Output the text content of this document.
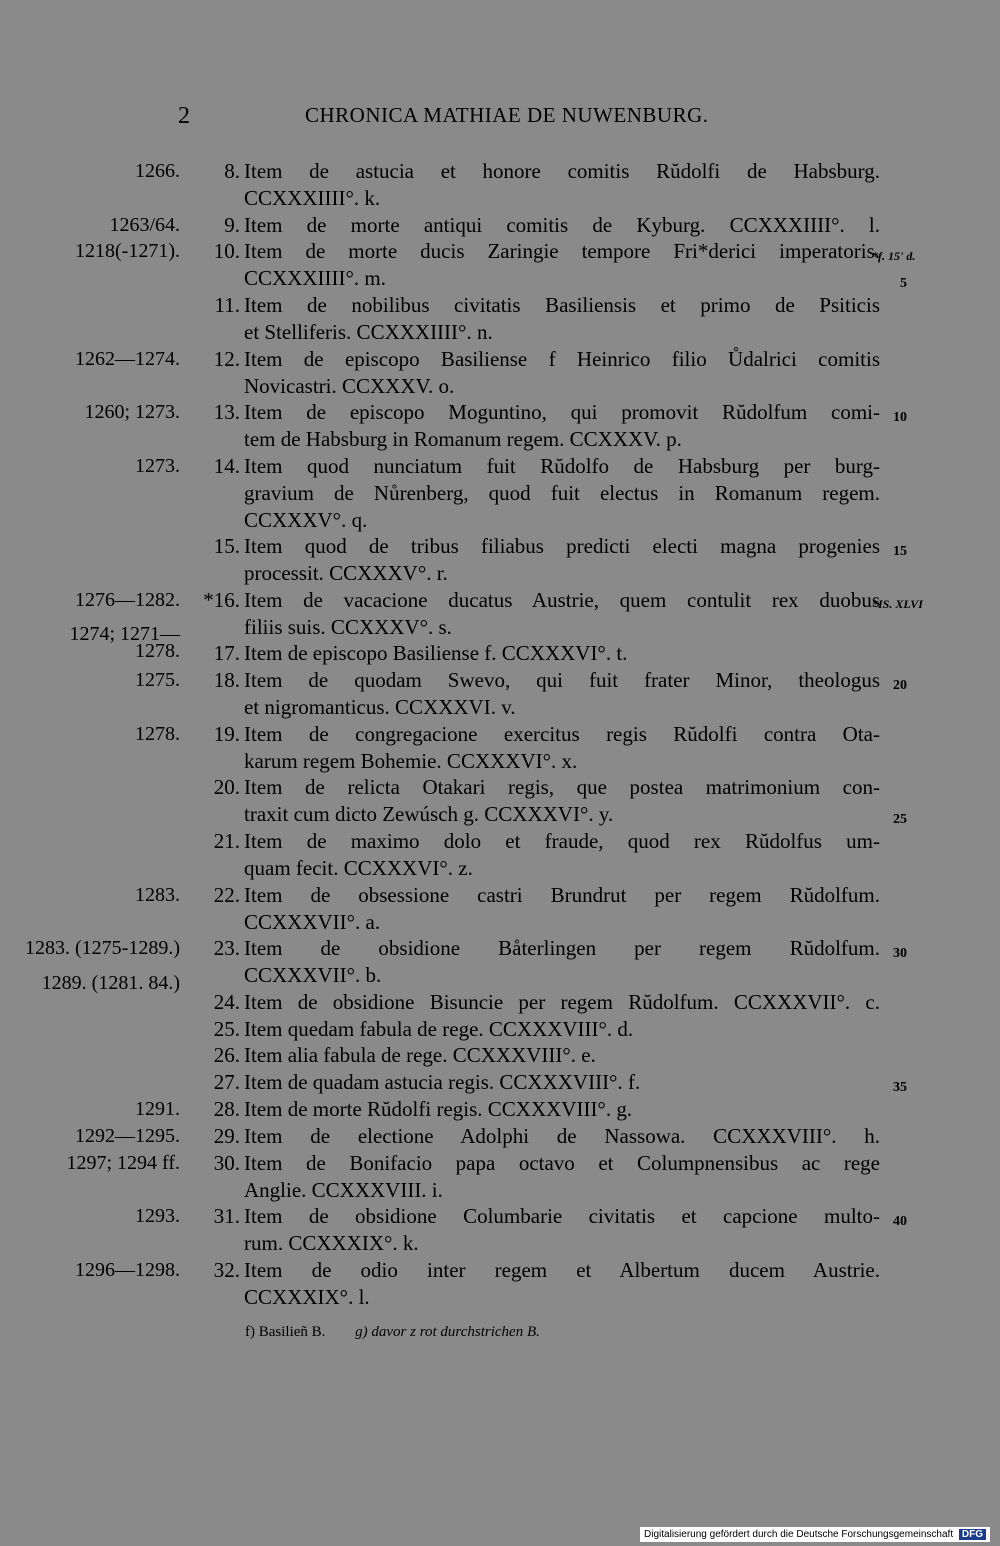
2	CHRONICA MATHIAE DE NUWENBURG.
1266. 8. Item de astucia et honore comitis Rŭdolfi de Habsburg.
CCXXXIIII°. k.
1263/64. 9. Item de morte antiqui comitis de Kyburg. CCXXXIIII°. l.
1218(-1271). 10. Item de morte ducis Zaringie tempore Fri*derici imperatoris.
CCXXXIIII°. m.
11. Item de nobilibus civitatis Basiliensis et primo de Psiticis
et Stelliferis. CCXXXIIII°. n.
1262—1274. 12. Item de episcopo Basiliense f Heinrico filio Ůdalrici comitis
Novicastri. CCXXXV. o.
1260; 1273. 13. Item de episcopo Moguntino, qui promovit Rŭdolfum comi-
tem de Habsburg in Romanum regem. CCXXXV. p.
1273. 14. Item quod nunciatum fuit Rŭdolfo de Habsburg per burg-
gravium de Nůrenberg, quod fuit electus in Romanum regem.
CCXXXV°. q.
15. Item quod de tribus filiabus predicti electi magna progenies
processit. CCXXXV°. r.
1276—1282. *16. Item de vacacione ducatus Austrie, quem contulit rex duobus
filiis suis. CCXXXV°. s.
1274; 1271—1278. 17. Item de episcopo Basiliense f. CCXXXVI°. t.
1275. 18. Item de quodam Swevo, qui fuit frater Minor, theologus
et nigromanticus. CCXXXVI. v.
1278. 19. Item de congregacione exercitus regis Rŭdolfi contra Ota-
karum regem Bohemie. CCXXXVI°. x.
20. Item de relicta Otakari regis, que postea matrimonium con-
traxit cum dicto Zewúsch g. CCXXXVI°. y.
21. Item de maximo dolo et fraude, quod rex Rŭdolfus um-
quam fecit. CCXXXVI°. z.
1283. 22. Item de obsessione castri Brundrut per regem Rŭdolfum.
CCXXXVII°. a.
1283. (1275-1289.) 23. Item de obsidione Båterlingen per regem Rŭdolfum.
CCXXXVII°. b.
1289. (1281. 84.)
24. Item de obsidione Bisuncie per regem Rŭdolfum. CCXXXVII°. c.
25. Item quedam fabula de rege. CCXXXVIII°. d.
26. Item alia fabula de rege. CCXXXVIII°. e.
27. Item de quadam astucia regis. CCXXXVIII°. f.
1291. 28. Item de morte Rŭdolfi regis. CCXXXVIII°. g.
1292—1295. 29. Item de electione Adolphi de Nassowa. CCXXXVIII°. h.
1297; 1294 ff. 30. Item de Bonifacio papa octavo et Columpnensibus ac rege
Anglie. CCXXXVIII. i.
1293. 31. Item de obsidione Columbarie civitatis et capcione multo-
rum. CCXXXIX°. k.
1296—1298. 32. Item de odio inter regem et Albertum ducem Austrie.
CCXXXIX°. l.
*f. 15' d.
5
10
15
*IS. XLVI
20
25
30
35
40
f) Basilieñ B. g) davor z rot durchstrichen B.
Digitalisierung gefördert durch die Deutsche Forschungsgemeinschaft DFG
